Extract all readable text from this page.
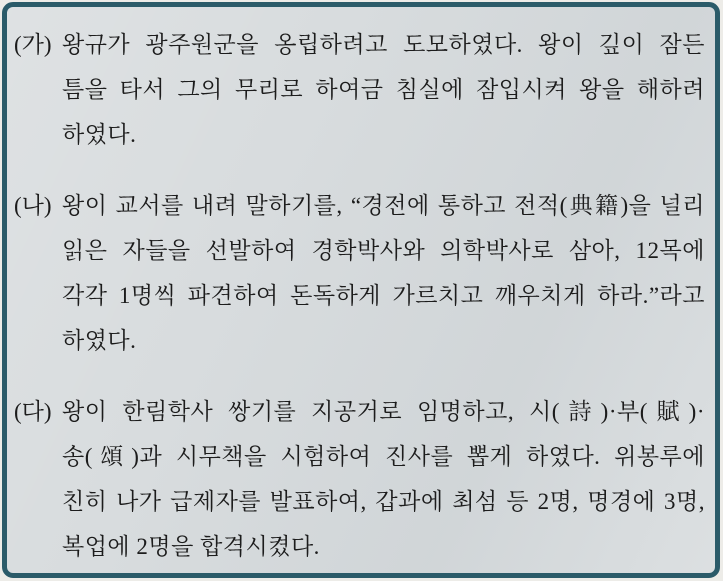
(가) 왕규가 광주원군을 옹립하려고 도모하였다. 왕이 깊이 잠든
틈을 타서 그의 무리로 하여금 침실에 잠입시켜 왕을 해하려
하였다.
(나) 왕이 교서를 내려 말하기를, “경전에 통하고 전적(典籍)을 널리
읽은 자들을 선발하여 경학박사와 의학박사로 삼아, 12목에
각각 1명씩 파견하여 돈독하게 가르치고 깨우치게 하라.”라고
하였다.
(다) 왕이 한림학사 쌍기를 지공거로 임명하고, 시(詩)·부(賦)·
송(頌)과 시무책을 시험하여 진사를 뽑게 하였다. 위봉루에
친히 나가 급제자를 발표하여, 갑과에 최섬 등 2명, 명경에 3명,
복업에 2명을 합격시켰다.
